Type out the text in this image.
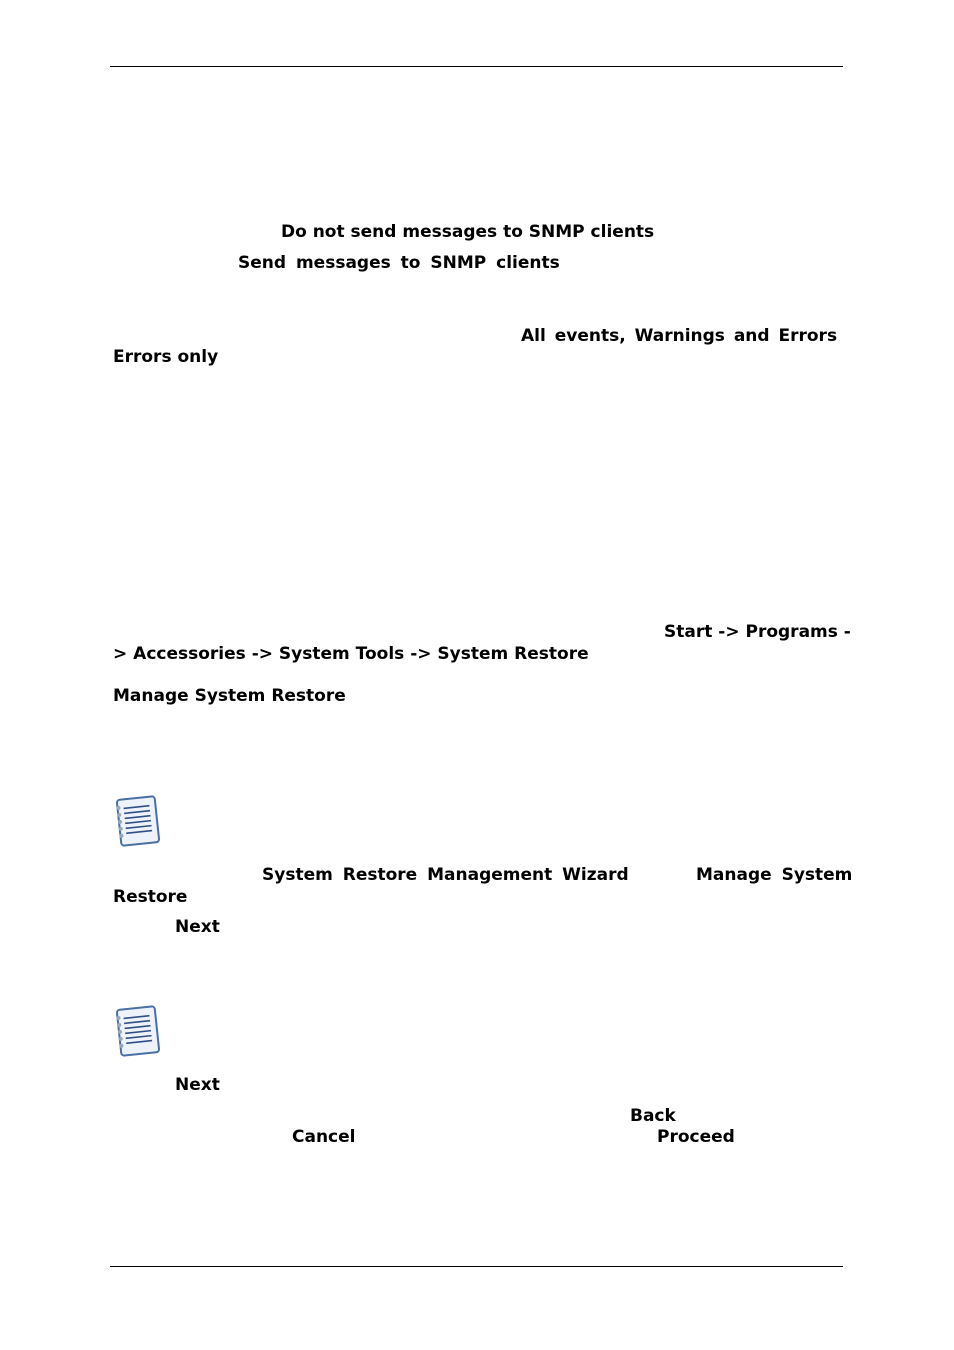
Do not send messages to SNMP clients
Send messages to SNMP clients
All events, Warnings and Errors
Errors only
Start -> Programs -
> Accessories -> System Tools -> System Restore
Manage System Restore
System Restore Management Wizard	Manage System
Restore
Next
Next
Back
Cancel	Proceed
